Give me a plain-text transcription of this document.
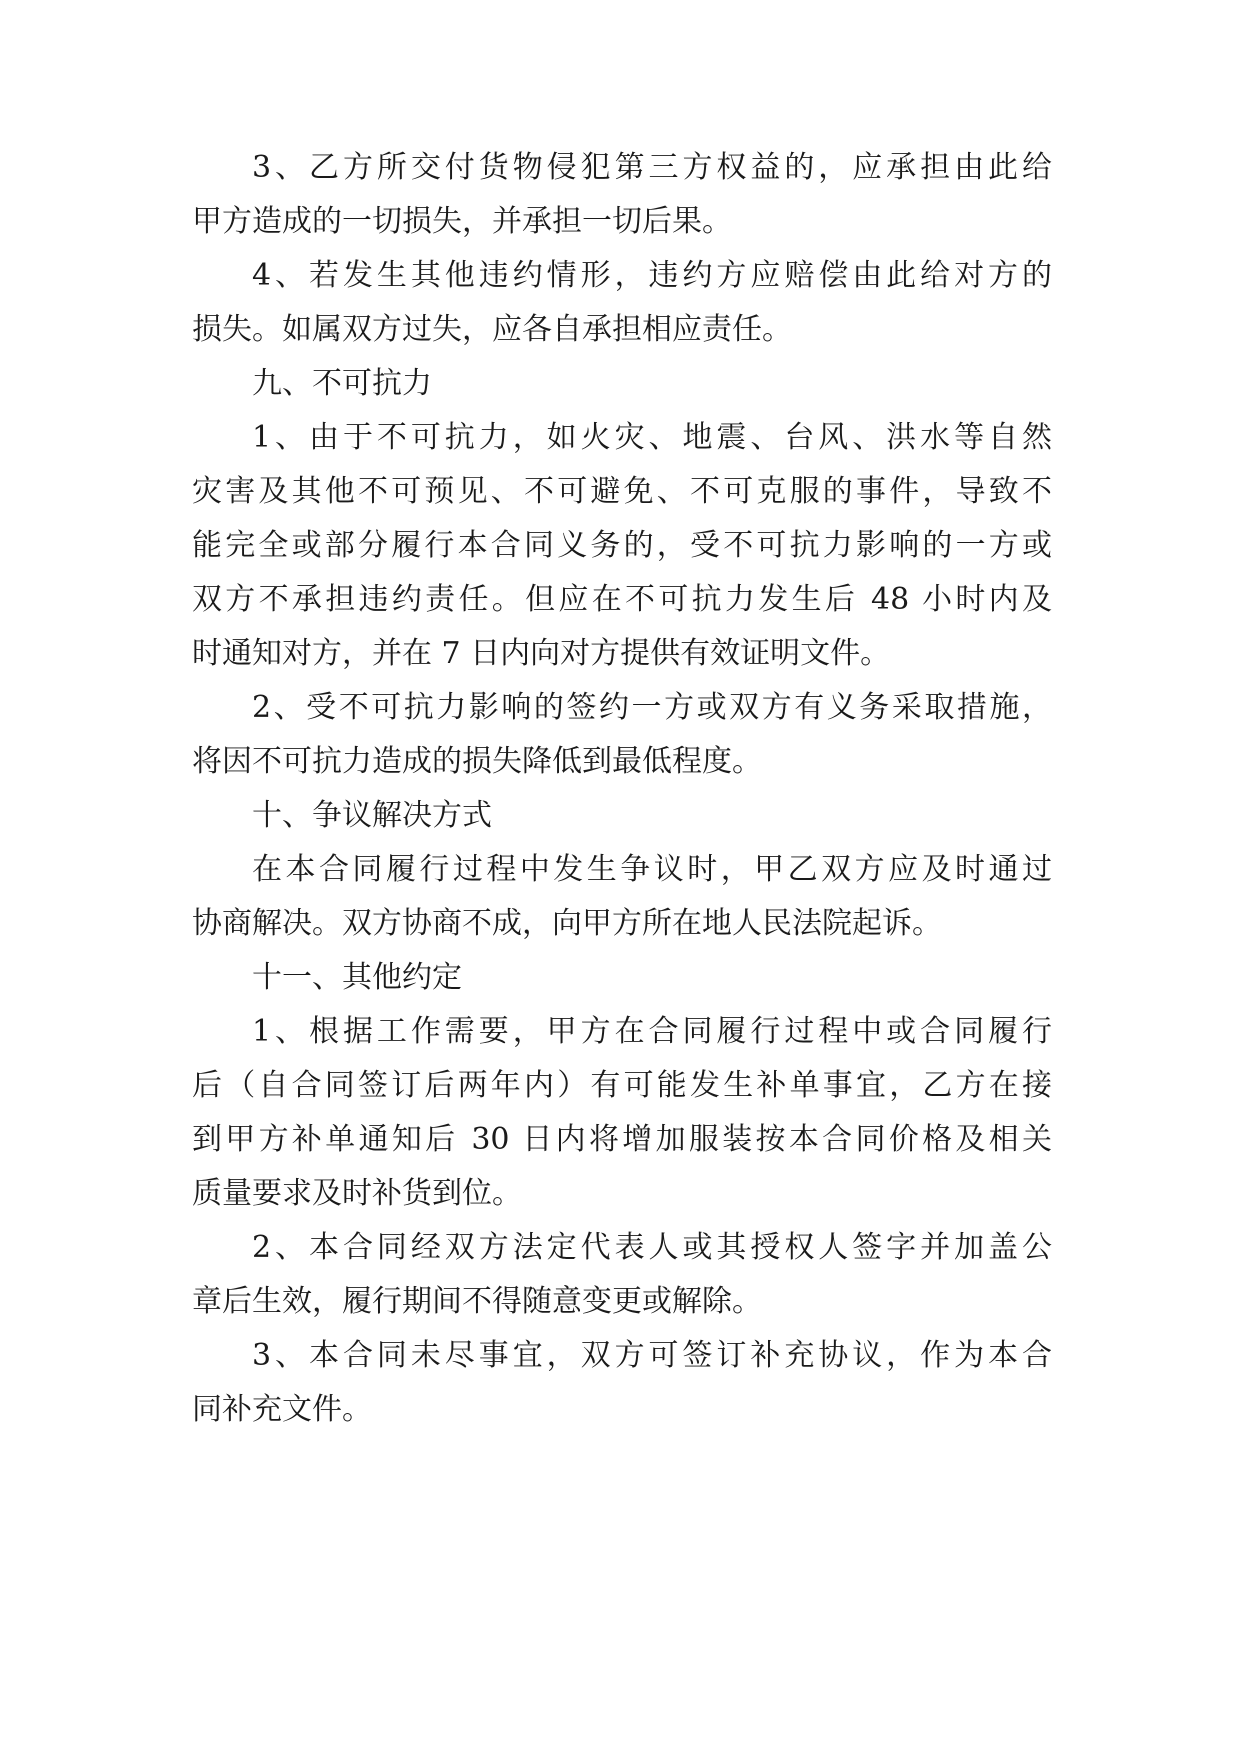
3、乙方所交付货物侵犯第三方权益的，应承担由此给
甲方造成的一切损失，并承担一切后果。
4、若发生其他违约情形，违约方应赔偿由此给对方的
损失。如属双方过失，应各自承担相应责任。
九、不可抗力
1、由于不可抗力，如火灾、地震、台风、洪水等自然
灾害及其他不可预见、不可避免、不可克服的事件，导致不
能完全或部分履行本合同义务的，受不可抗力影响的一方或
双方不承担违约责任。但应在不可抗力发生后 48 小时内及
时通知对方，并在 7 日内向对方提供有效证明文件。
2、受不可抗力影响的签约一方或双方有义务采取措施，
将因不可抗力造成的损失降低到最低程度。
十、争议解决方式
在本合同履行过程中发生争议时，甲乙双方应及时通过
协商解决。双方协商不成，向甲方所在地人民法院起诉。
十一、其他约定
1、根据工作需要，甲方在合同履行过程中或合同履行
后（自合同签订后两年内）有可能发生补单事宜，乙方在接
到甲方补单通知后 30 日内将增加服装按本合同价格及相关
质量要求及时补货到位。
2、本合同经双方法定代表人或其授权人签字并加盖公
章后生效，履行期间不得随意变更或解除。
3、本合同未尽事宜，双方可签订补充协议，作为本合
同补充文件。
